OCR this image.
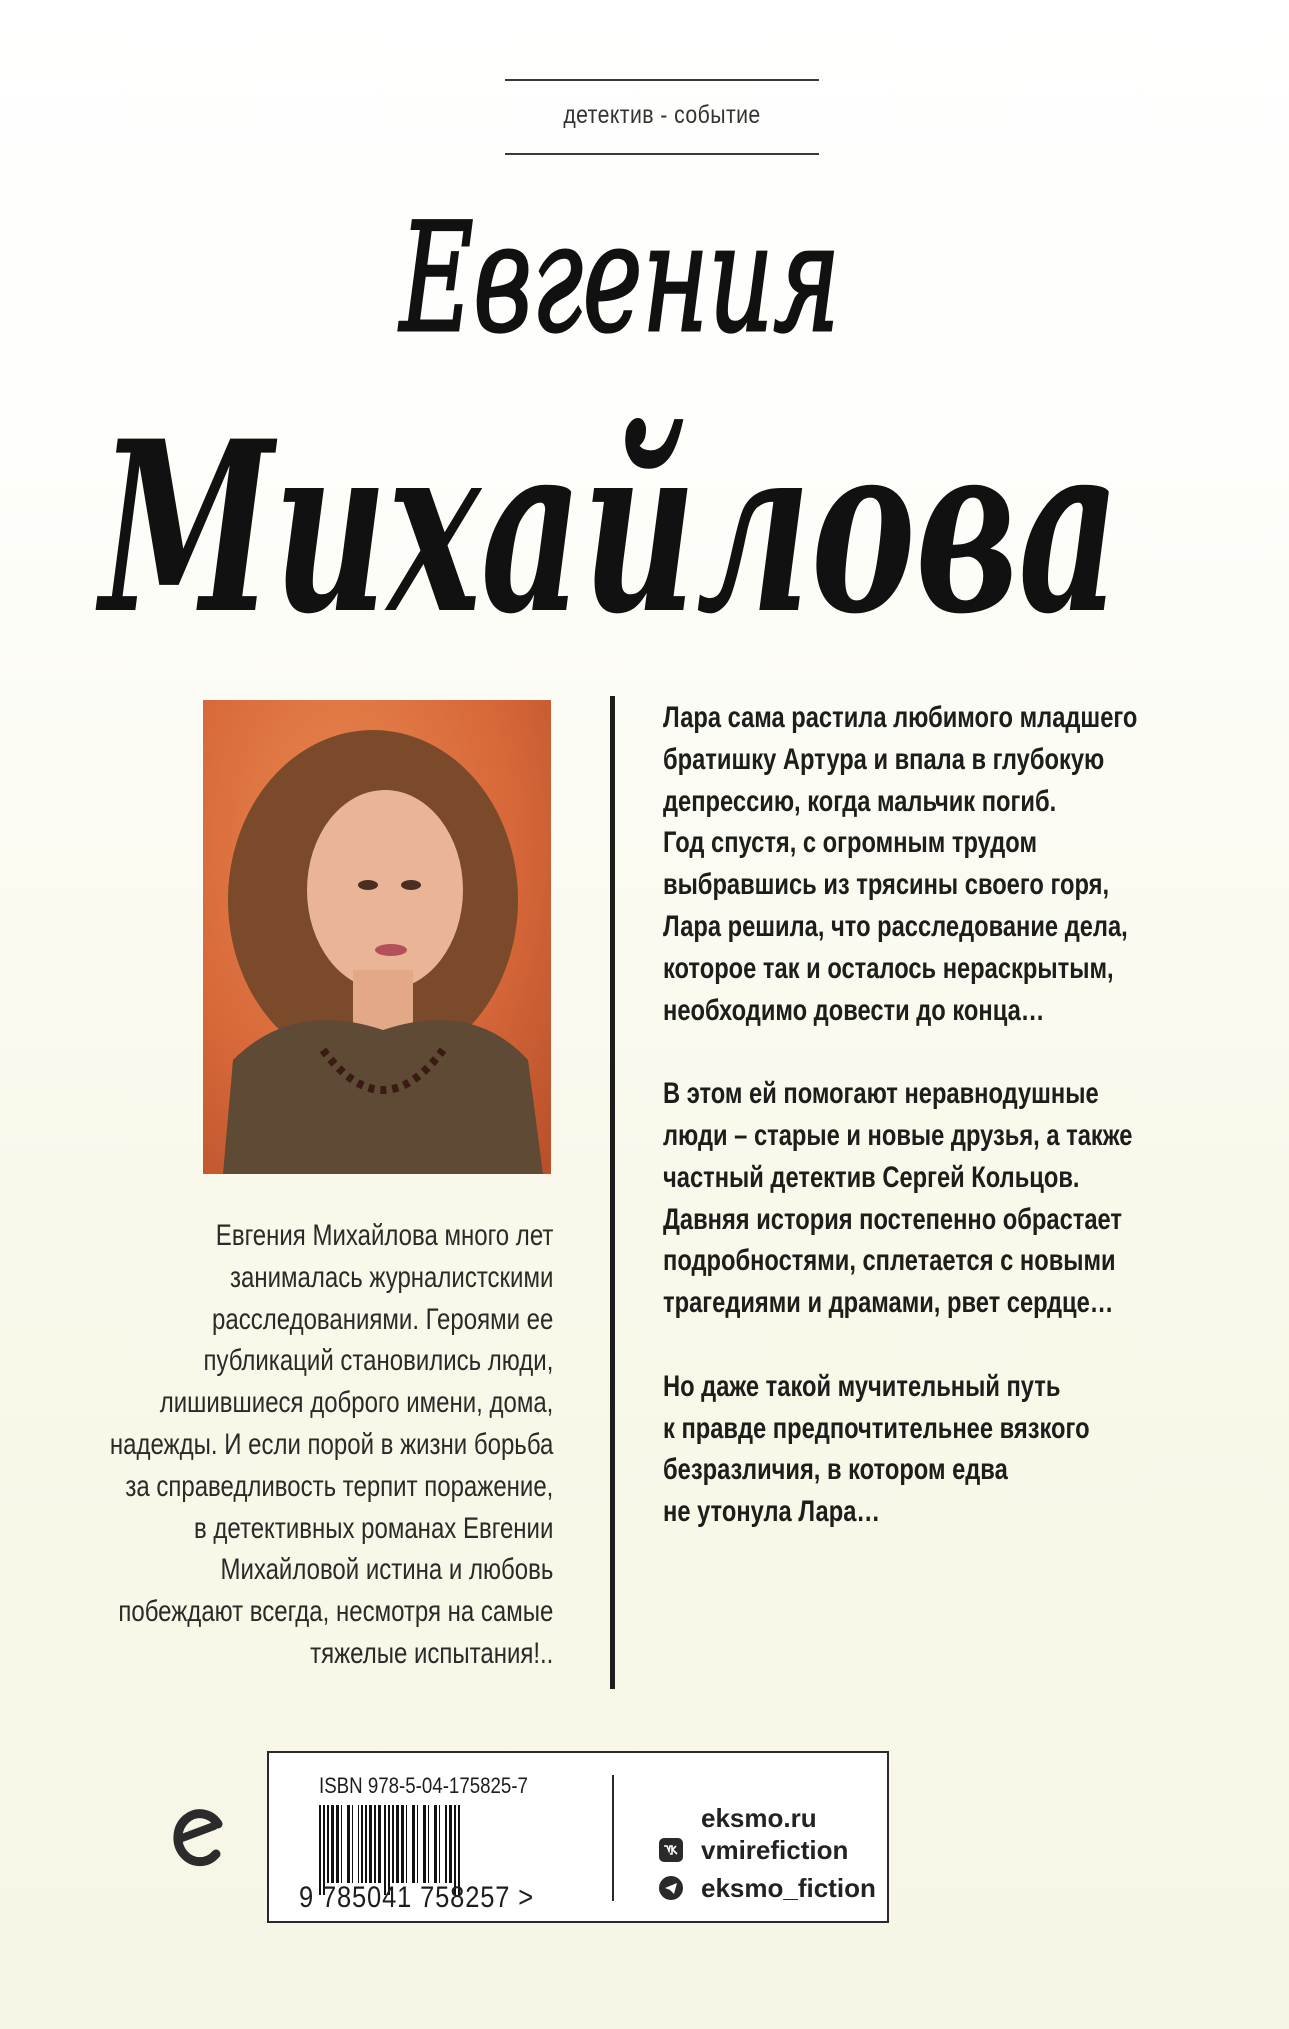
детектив - событие
Евгения
Михайлова
Лара сама растила любимого младшего
братишку Артура и впала в глубокую
депрессию, когда мальчик погиб.
Год спустя, с огромным трудом
выбравшись из трясины своего горя,
Лара решила, что расследование дела,
которое так и осталось нераскрытым,
необходимо довести до конца…
В этом ей помогают неравнодушные
люди – старые и новые друзья, а также
частный детектив Сергей Кольцов.
Давняя история постепенно обрастает
подробностями, сплетается с новыми
трагедиями и драмами, рвет сердце…
Но даже такой мучительный путь
к правде предпочтительнее вязкого
безразличия, в котором едва
не утонула Лара…
Евгения Михайлова много лет
занималась журналистскими
расследованиями. Героями ее
публикаций становились люди,
лишившиеся доброго имени, дома,
надежды. И если порой в жизни борьба
за справедливость терпит поражение,
в детективных романах Евгении
Михайловой истина и любовь
побеждают всегда, несмотря на самые
тяжелые испытания!..
ISBN 978-5-04-175825-7
9 785041 758257 >
eksmo.ru
vmirefiction
eksmo_fiction
